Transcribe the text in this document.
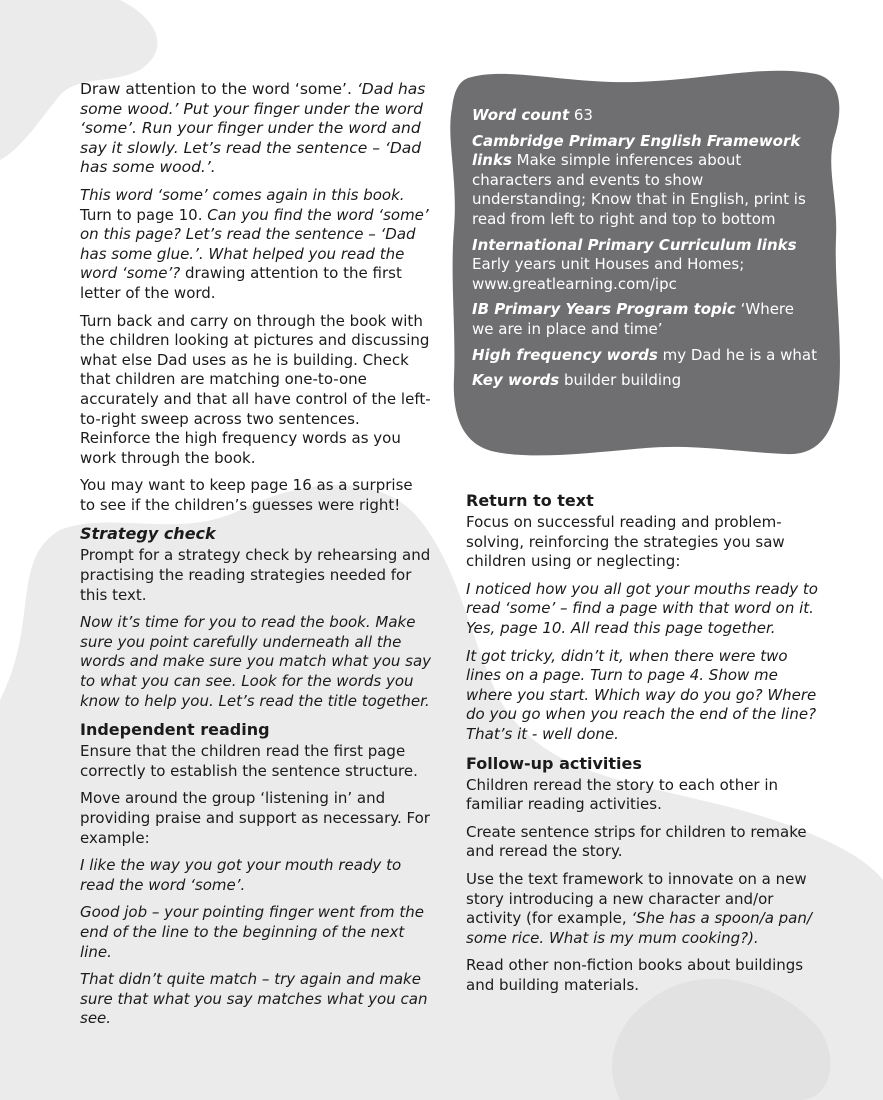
Word count 63

Cambridge Primary English Framework links Make simple inferences about characters and events to show understanding; Know that in English, print is read from left to right and top to bottom

International Primary Curriculum links
Early years unit Houses and Homes; www.greatlearning.com/ipc

IB Primary Years Program topic ‘Where we are in place and time’

High frequency words my Dad he is a what

Key words builder building

Draw attention to the word ‘some’. ‘Dad has some wood.’ Put your finger under the word ‘some’. Run your finger under the word and say it slowly. Let’s read the sentence – ‘Dad has some wood.’.

This word ‘some’ comes again in this book. Turn to page 10. Can you find the word ‘some’ on this page? Let’s read the sentence – ‘Dad has some glue.’. What helped you read the word ‘some’? drawing attention to the first letter of the word.

Turn back and carry on through the book with the children looking at pictures and discussing what else Dad uses as he is building. Check that children are matching one-to-one accurately and that all have control of the left-to-right sweep across two sentences. Reinforce the high frequency words as you work through the book.

You may want to keep page 16 as a surprise to see if the children’s guesses were right!

Strategy check

Prompt for a strategy check by rehearsing and practising the reading strategies needed for this text.

Now it’s time for you to read the book. Make sure you point carefully underneath all the words and make sure you match what you say to what you can see. Look for the words you know to help you. Let’s read the title together.

Independent reading

Ensure that the children read the first page correctly to establish the sentence structure.

Move around the group ‘listening in’ and providing praise and support as necessary. For example:

I like the way you got your mouth ready to read the word ‘some’.

Good job – your pointing finger went from the end of the line to the beginning of the next line.

That didn’t quite match – try again and make sure that what you say matches what you can see.

Return to text

Focus on successful reading and problem-solving, reinforcing the strategies you saw children using or neglecting:

I noticed how you all got your mouths ready to read ‘some’ – find a page with that word on it. Yes, page 10. All read this page together.

It got tricky, didn’t it, when there were two lines on a page. Turn to page 4. Show me where you start. Which way do you go? Where do you go when you reach the end of the line? That’s it - well done.

Follow-up activities

Children reread the story to each other in familiar reading activities.

Create sentence strips for children to remake and reread the story.

Use the text framework to innovate on a new story introducing a new character and/or activity (for example, ‘She has a spoon/a pan/ some rice. What is my mum cooking?).

Read other non-fiction books about buildings and building materials.
